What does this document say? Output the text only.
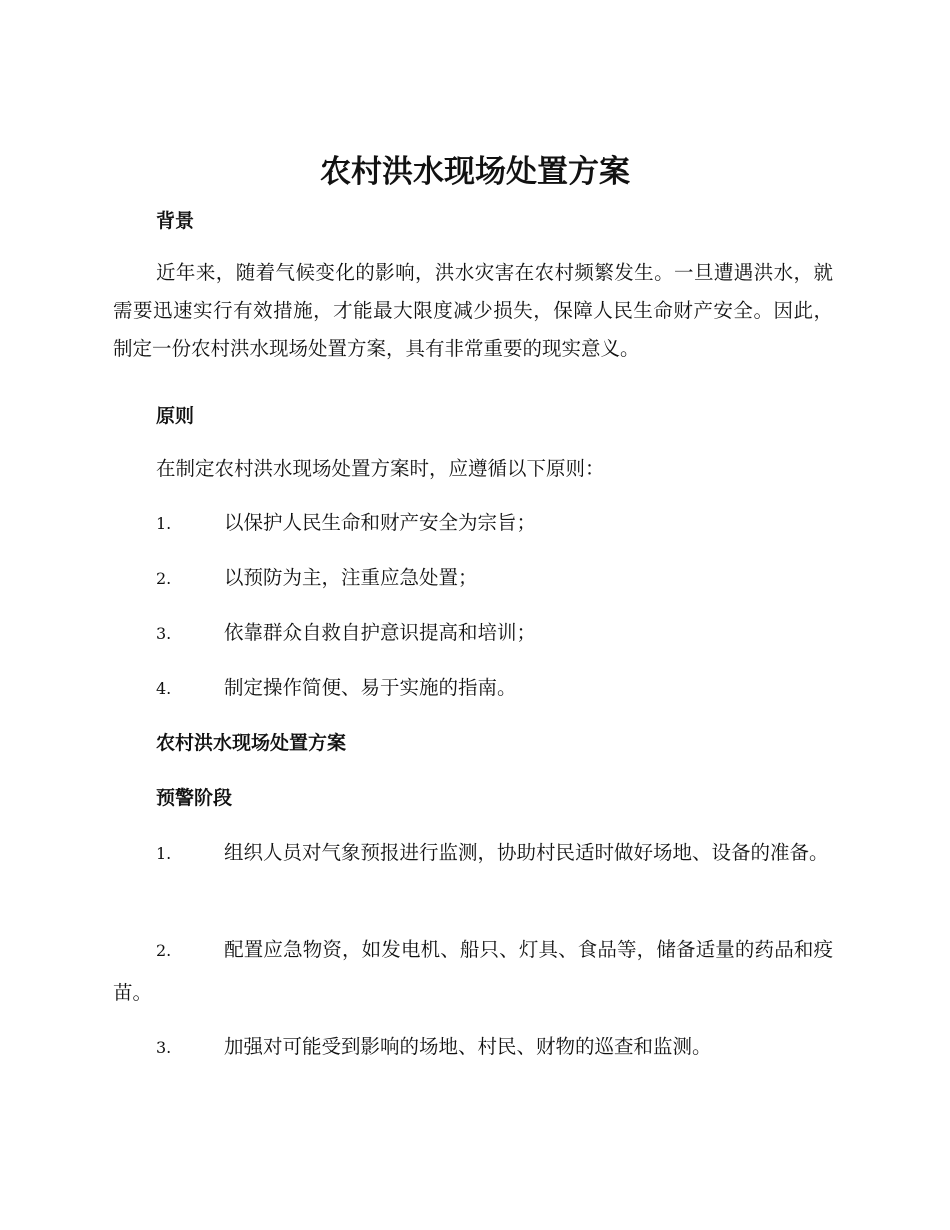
农村洪水现场处置方案
背景

近年来，随着气候变化的影响，洪水灾害在农村频繁发生。一旦遭遇洪水，就需要迅速实行有效措施，才能最大限度减少损失，保障人民生命财产安全。因此，制定一份农村洪水现场处置方案，具有非常重要的现实意义。

原则

在制定农村洪水现场处置方案时，应遵循以下原则：

1.	以保护人民生命和财产安全为宗旨；

2.	以预防为主，注重应急处置；

3.	依靠群众自救自护意识提高和培训；

4.	制定操作简便、易于实施的指南。

农村洪水现场处置方案
预警阶段

1.	组织人员对气象预报进行监测，协助村民适时做好场地、设备的准备。

2.	配置应急物资，如发电机、船只、灯具、食品等，储备适量的药品和疫苗。

3.	加强对可能受到影响的场地、村民、财物的巡查和监测。
